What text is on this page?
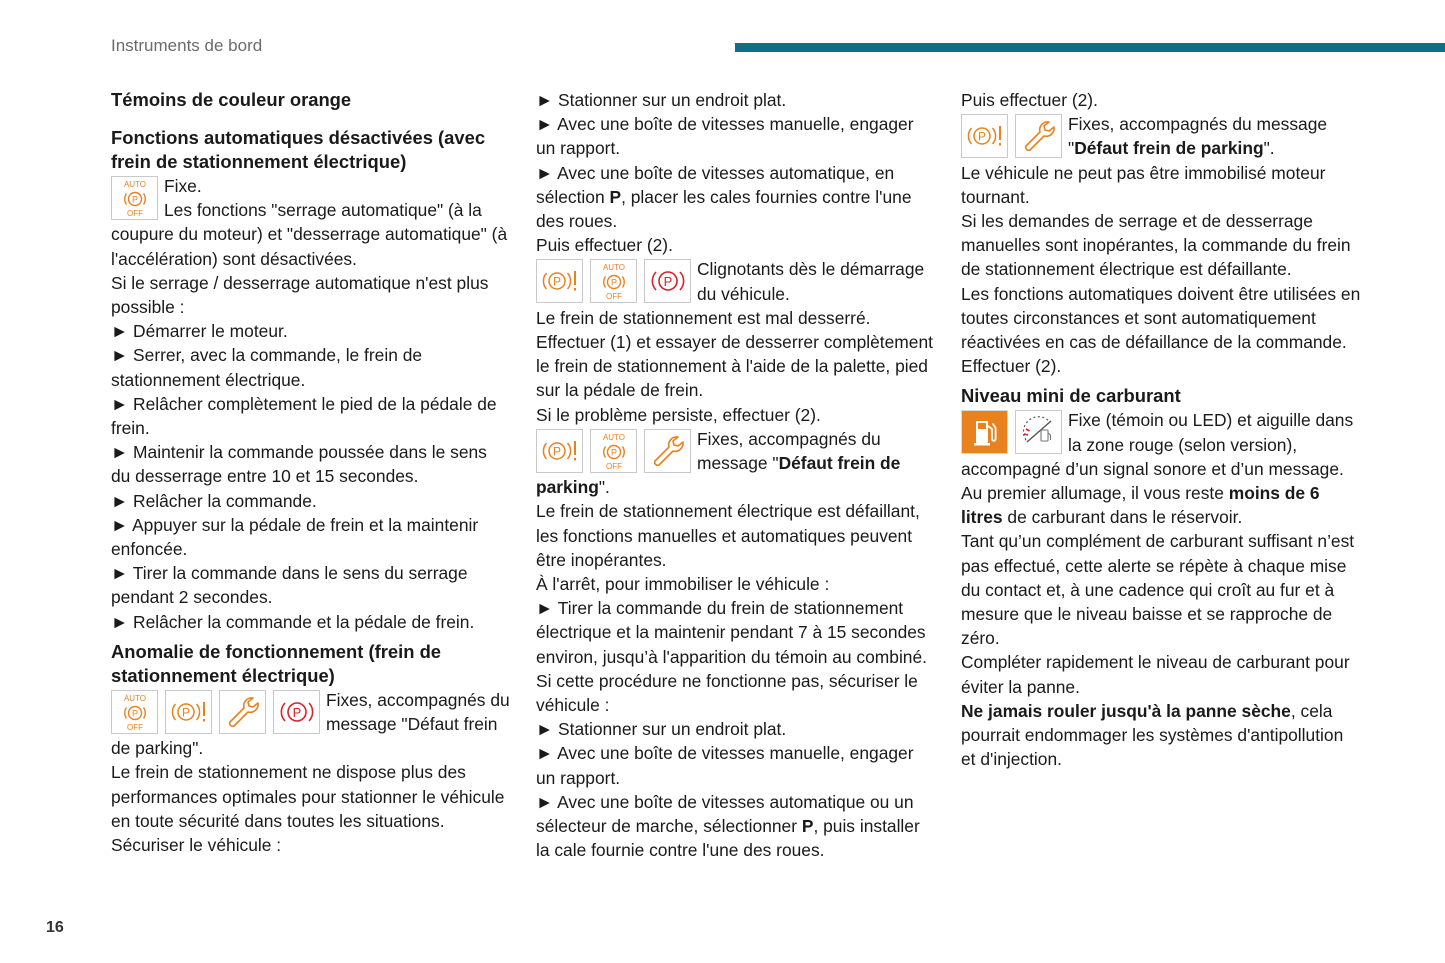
Instruments de bord

Témoins de couleur orange

Fonctions automatiques désactivées (avec frein de stationnement électrique)

AUTO
P
OFF

Fixe.

Les fonctions "serrage automatique" (à la coupure du moteur) et "desserrage automatique" (à l'accélération) sont désactivées.

Si le serrage / desserrage automatique n'est plus possible :

► Démarrer le moteur.

► Serrer, avec la commande, le frein de stationnement électrique.

► Relâcher complètement le pied de la pédale de frein.

► Maintenir la commande poussée dans le sens du desserrage entre 10 et 15 secondes.

► Relâcher la commande.

► Appuyer sur la pédale de frein et la maintenir enfoncée.

► Tirer la commande dans le sens du serrage pendant 2 secondes.

► Relâcher la commande et la pédale de frein.

Anomalie de fonctionnement (frein de stationnement électrique)

AUTO
P
OFF
P	P

Fixes, accompagnés du message "Défaut frein de parking".

Le frein de stationnement ne dispose plus des performances optimales pour stationner le véhicule en toute sécurité dans toutes les situations.

Sécuriser le véhicule :

► Stationner sur un endroit plat.

► Avec une boîte de vitesses manuelle, engager un rapport.

► Avec une boîte de vitesses automatique, en sélection P, placer les cales fournies contre l'une des roues.

Puis effectuer (2).

P
AUTO
P
OFF
P

Clignotants dès le démarrage du véhicule.

Le frein de stationnement est mal desserré.

Effectuer (1) et essayer de desserrer complètement le frein de stationnement à l'aide de la palette, pied sur la pédale de frein.

Si le problème persiste, effectuer (2).

P
AUTO
P
OFF

Fixes, accompagnés du message "Défaut frein de parking".

Le frein de stationnement électrique est défaillant, les fonctions manuelles et automatiques peuvent être inopérantes.

À l'arrêt, pour immobiliser le véhicule :

► Tirer la commande du frein de stationnement électrique et la maintenir pendant 7 à 15 secondes environ, jusqu’à l'apparition du témoin au combiné.

Si cette procédure ne fonctionne pas, sécuriser le véhicule :

► Stationner sur un endroit plat.

► Avec une boîte de vitesses manuelle, engager un rapport.

► Avec une boîte de vitesses automatique ou un sélecteur de marche, sélectionner P, puis installer la cale fournie contre l'une des roues.

Puis effectuer (2).

P

Fixes, accompagnés du message "Défaut frein de parking".

Le véhicule ne peut pas être immobilisé moteur tournant.

Si les demandes de serrage et de desserrage manuelles sont inopérantes, la commande du frein de stationnement électrique est défaillante.

Les fonctions automatiques doivent être utilisées en toutes circonstances et sont automatiquement réactivées en cas de défaillance de la commande.

Effectuer (2).

Niveau mini de carburant

Fixe (témoin ou LED) et aiguille dans la zone rouge (selon version), accompagné d’un signal sonore et d’un message.

Au premier allumage, il vous reste moins de 6 litres de carburant dans le réservoir.

Tant qu’un complément de carburant suffisant n’est pas effectué, cette alerte se répète à chaque mise du contact et, à une cadence qui croît au fur et à mesure que le niveau baisse et se rapproche de zéro.

Compléter rapidement le niveau de carburant pour éviter la panne.

Ne jamais rouler jusqu'à la panne sèche, cela pourrait endommager les systèmes d'antipollution et d'injection.

16
